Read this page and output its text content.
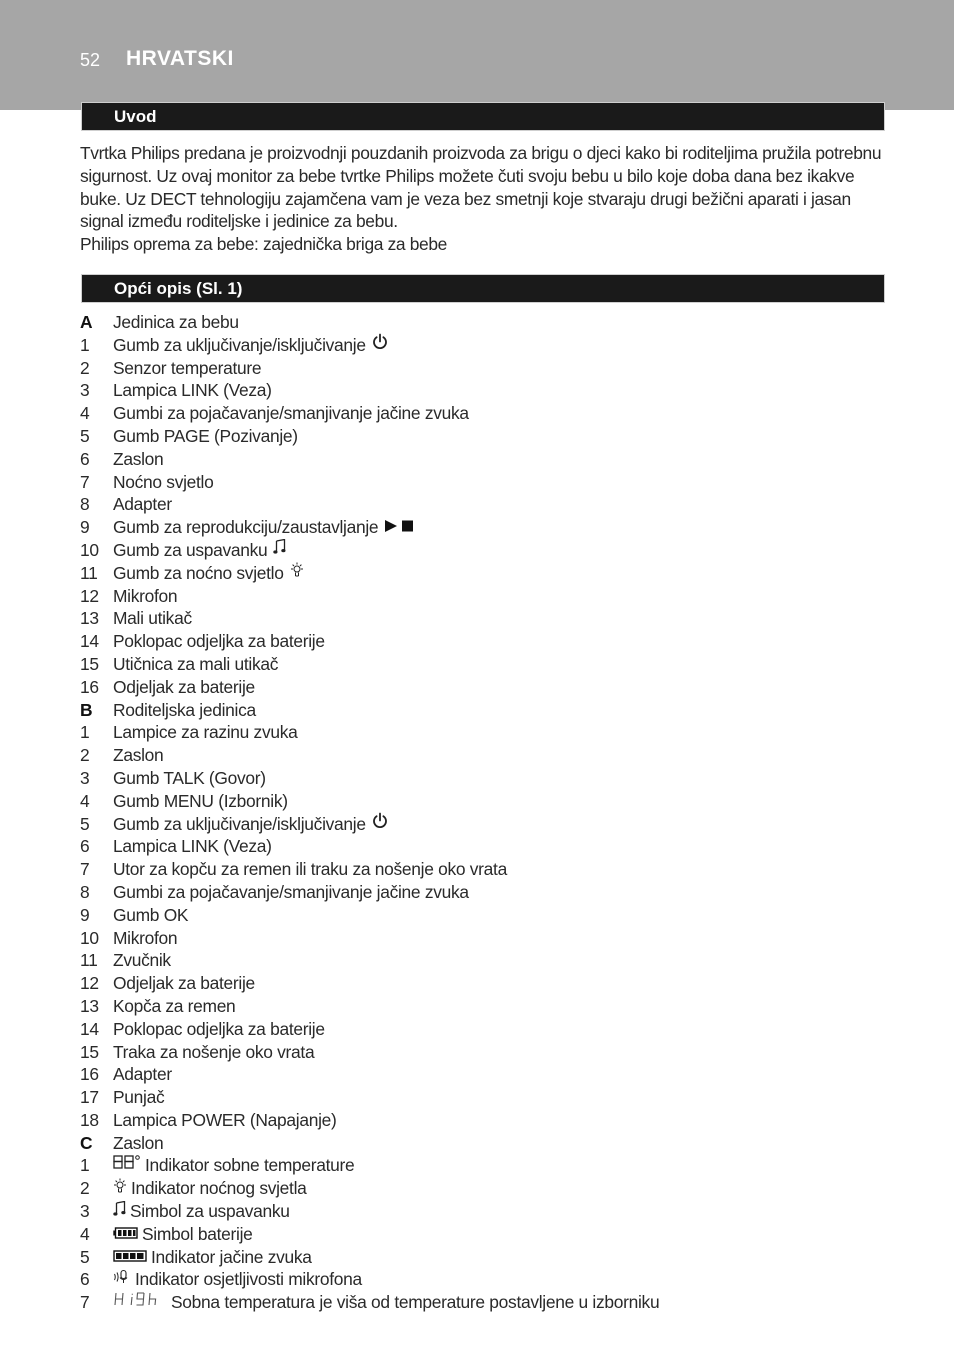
52 HRVATSKI
Uvod

Tvrtka Philips predana je proizvodnji pouzdanih proizvoda za brigu o djeci kako bi roditeljima pružila potrebnu sigurnost. Uz ovaj monitor za bebe tvrtke Philips možete čuti svoju bebu u bilo koje doba dana bez ikakve buke. Uz DECT tehnologiju zajamčena vam je veza bez smetnji koje stvaraju drugi bežični aparati i jasan signal između roditeljske i jedinice za bebu.

Philips oprema za bebe: zajednička briga za bebe

Opći opis (Sl. 1)
A Jedinica za bebu
1 Gumb za uključivanje/isključivanje
2 Senzor temperature
3 Lampica LINK (Veza)
4 Gumbi za pojačavanje/smanjivanje jačine zvuka
5 Gumb PAGE (Pozivanje)
6 Zaslon
7 Noćno svjetlo
8 Adapter
9 Gumb za reprodukciju/zaustavljanje
10 Gumb za uspavanku
11 Gumb za noćno svjetlo
12 Mikrofon
13 Mali utikač
14 Poklopac odjeljka za baterije
15 Utičnica za mali utikač
16 Odjeljak za baterije
B Roditeljska jedinica
1 Lampice za razinu zvuka
2 Zaslon
3 Gumb TALK (Govor)
4 Gumb MENU (Izbornik)
5 Gumb za uključivanje/isključivanje
6 Lampica LINK (Veza)
7 Utor za kopču za remen ili traku za nošenje oko vrata
8 Gumbi za pojačavanje/smanjivanje jačine zvuka
9 Gumb OK
10 Mikrofon
11 Zvučnik
12 Odjeljak za baterije
13 Kopča za remen
14 Poklopac odjeljka za baterije
15 Traka za nošenje oko vrata
16 Adapter
17 Punjač
18 Lampica POWER (Napajanje)
C Zaslon
1	Indikator sobne temperature
2	Indikator noćnog svjetla
3	Simbol za uspavanku
4	Simbol baterije
5	Indikator jačine zvuka
6	Indikator osjetljivosti mikrofona
7	Sobna temperatura je viša od temperature postavljene u izborniku
